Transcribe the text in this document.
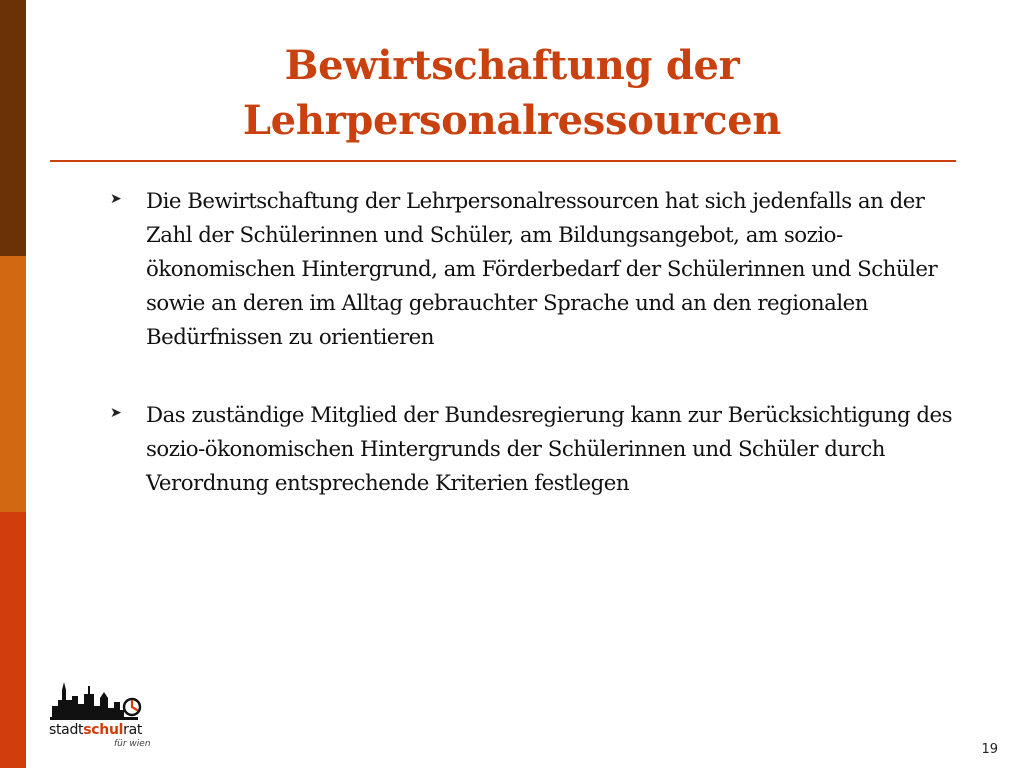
Bewirtschaftung der
Lehrpersonalressourcen
➤ Die Bewirtschaftung der Lehrpersonalressourcen hat sich jedenfalls an der Zahl der Schülerinnen und Schüler, am Bildungsangebot, am sozio-ökonomischen Hintergrund, am Förderbedarf der Schülerinnen und Schüler sowie an deren im Alltag gebrauchter Sprache und an den regionalen Bedürfnissen zu orientieren
➤ Das zuständige Mitglied der Bundesregierung kann zur Berücksichtigung des sozio-ökonomischen Hintergrunds der Schülerinnen und Schüler durch Verordnung entsprechende Kriterien festlegen
stadtschulrat
für wien	19
